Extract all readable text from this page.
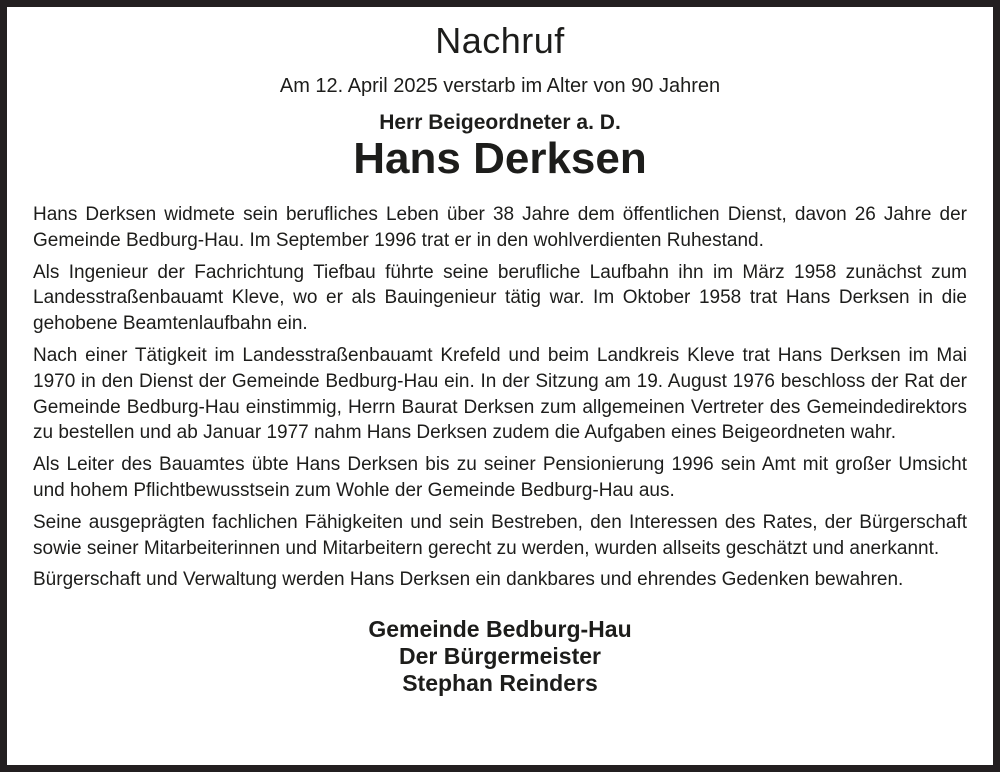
Nachruf

Am 12. April 2025 verstarb im Alter von 90 Jahren

Herr Beigeordneter a. D.

Hans Derksen

Hans Derksen widmete sein berufliches Leben über 38 Jahre dem öffentlichen Dienst, davon 26 Jahre der Gemeinde Bedburg-Hau. Im September 1996 trat er in den wohlverdienten Ruhestand.

Als Ingenieur der Fachrichtung Tiefbau führte seine berufliche Laufbahn ihn im März 1958 zunächst zum Landesstraßenbauamt Kleve, wo er als Bauingenieur tätig war. Im Oktober 1958 trat Hans Derksen in die gehobene Beamtenlaufbahn ein.

Nach einer Tätigkeit im Landesstraßenbauamt Krefeld und beim Landkreis Kleve trat Hans Derksen im Mai 1970 in den Dienst der Gemeinde Bedburg-Hau ein. In der Sitzung am 19. August 1976 beschloss der Rat der Gemeinde Bedburg-Hau einstimmig, Herrn Baurat Derksen zum allgemeinen Vertreter des Gemeindedirektors zu bestellen und ab Januar 1977 nahm Hans Derksen zudem die Aufgaben eines Beigeordneten wahr.

Als Leiter des Bauamtes übte Hans Derksen bis zu seiner Pensionierung 1996 sein Amt mit großer Umsicht und hohem Pflichtbewusstsein zum Wohle der Gemeinde Bedburg-Hau aus.

Seine ausgeprägten fachlichen Fähigkeiten und sein Bestreben, den Interessen des Rates, der Bürgerschaft sowie seiner Mitarbeiterinnen und Mitarbeitern gerecht zu werden, wurden allseits geschätzt und anerkannt.

Bürgerschaft und Verwaltung werden Hans Derksen ein dankbares und ehrendes Gedenken bewahren.

Gemeinde Bedburg-Hau

Der Bürgermeister

Stephan Reinders
